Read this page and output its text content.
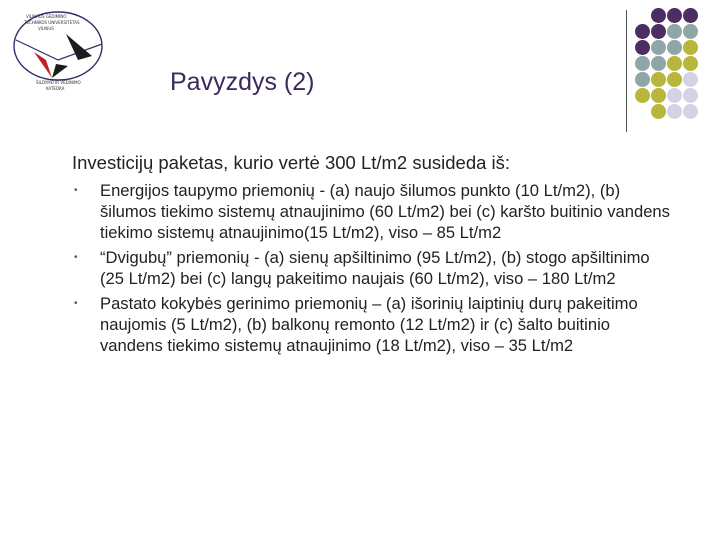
VILNIAUS GEDIMINO
TECHNIKOS UNIVERSITETAS
VILNIUS
ŠILDYMO IR VĖDINIMO
KATEDRA	Pavyzdys (2)

Investicijų paketas, kurio vertė 300 Lt/m2 susideda iš:

• Energijos taupymo priemonių - (a) naujo šilumos punkto (10 Lt/m2), (b) šilumos tiekimo sistemų atnaujinimo (60 Lt/m2) bei (c) karšto buitinio vandens tiekimo sistemų atnaujinimo(15 Lt/m2), viso – 85 Lt/m2
• “Dvigubų” priemonių - (a) sienų apšiltinimo (95 Lt/m2), (b) stogo apšiltinimo (25 Lt/m2) bei (c) langų pakeitimo naujais (60 Lt/m2), viso – 180 Lt/m2
• Pastato kokybės gerinimo priemonių – (a) išorinių laiptinių durų pakeitimo naujomis (5 Lt/m2), (b) balkonų remonto (12 Lt/m2) ir (c) šalto buitinio vandens tiekimo sistemų atnaujinimo (18 Lt/m2), viso – 35 Lt/m2
